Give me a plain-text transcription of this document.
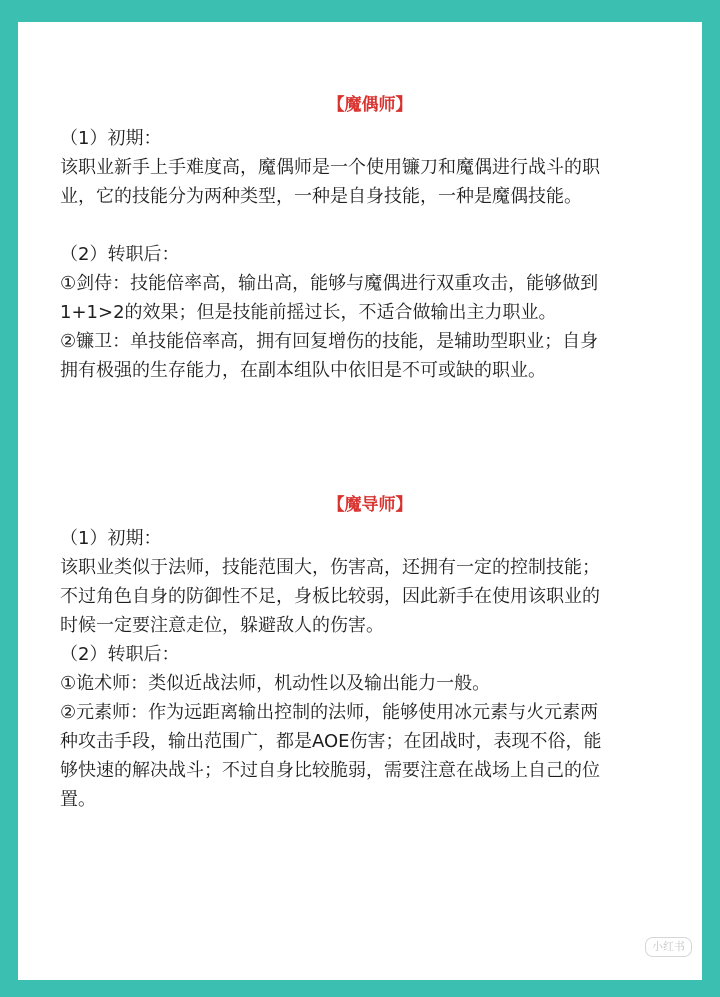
【魔偶师】
（1）初期：
该职业新手上手难度高，魔偶师是一个使用镰刀和魔偶进行战斗的职
业，它的技能分为两种类型，一种是自身技能，一种是魔偶技能。
（2）转职后：
①剑侍：技能倍率高，输出高，能够与魔偶进行双重攻击，能够做到
1+1>2的效果；但是技能前摇过长，不适合做输出主力职业。
②镰卫：单技能倍率高，拥有回复增伤的技能，是辅助型职业；自身
拥有极强的生存能力，在副本组队中依旧是不可或缺的职业。
【魔导师】
（1）初期：
该职业类似于法师，技能范围大，伤害高，还拥有一定的控制技能；
不过角色自身的防御性不足，身板比较弱，因此新手在使用该职业的
时候一定要注意走位，躲避敌人的伤害。
（2）转职后：
①诡术师：类似近战法师，机动性以及输出能力一般。
②元素师：作为远距离输出控制的法师，能够使用冰元素与火元素两
种攻击手段，输出范围广，都是AOE伤害；在团战时，表现不俗，能
够快速的解决战斗；不过自身比较脆弱，需要注意在战场上自己的位
置。
小红书
小红书号：8941955512
